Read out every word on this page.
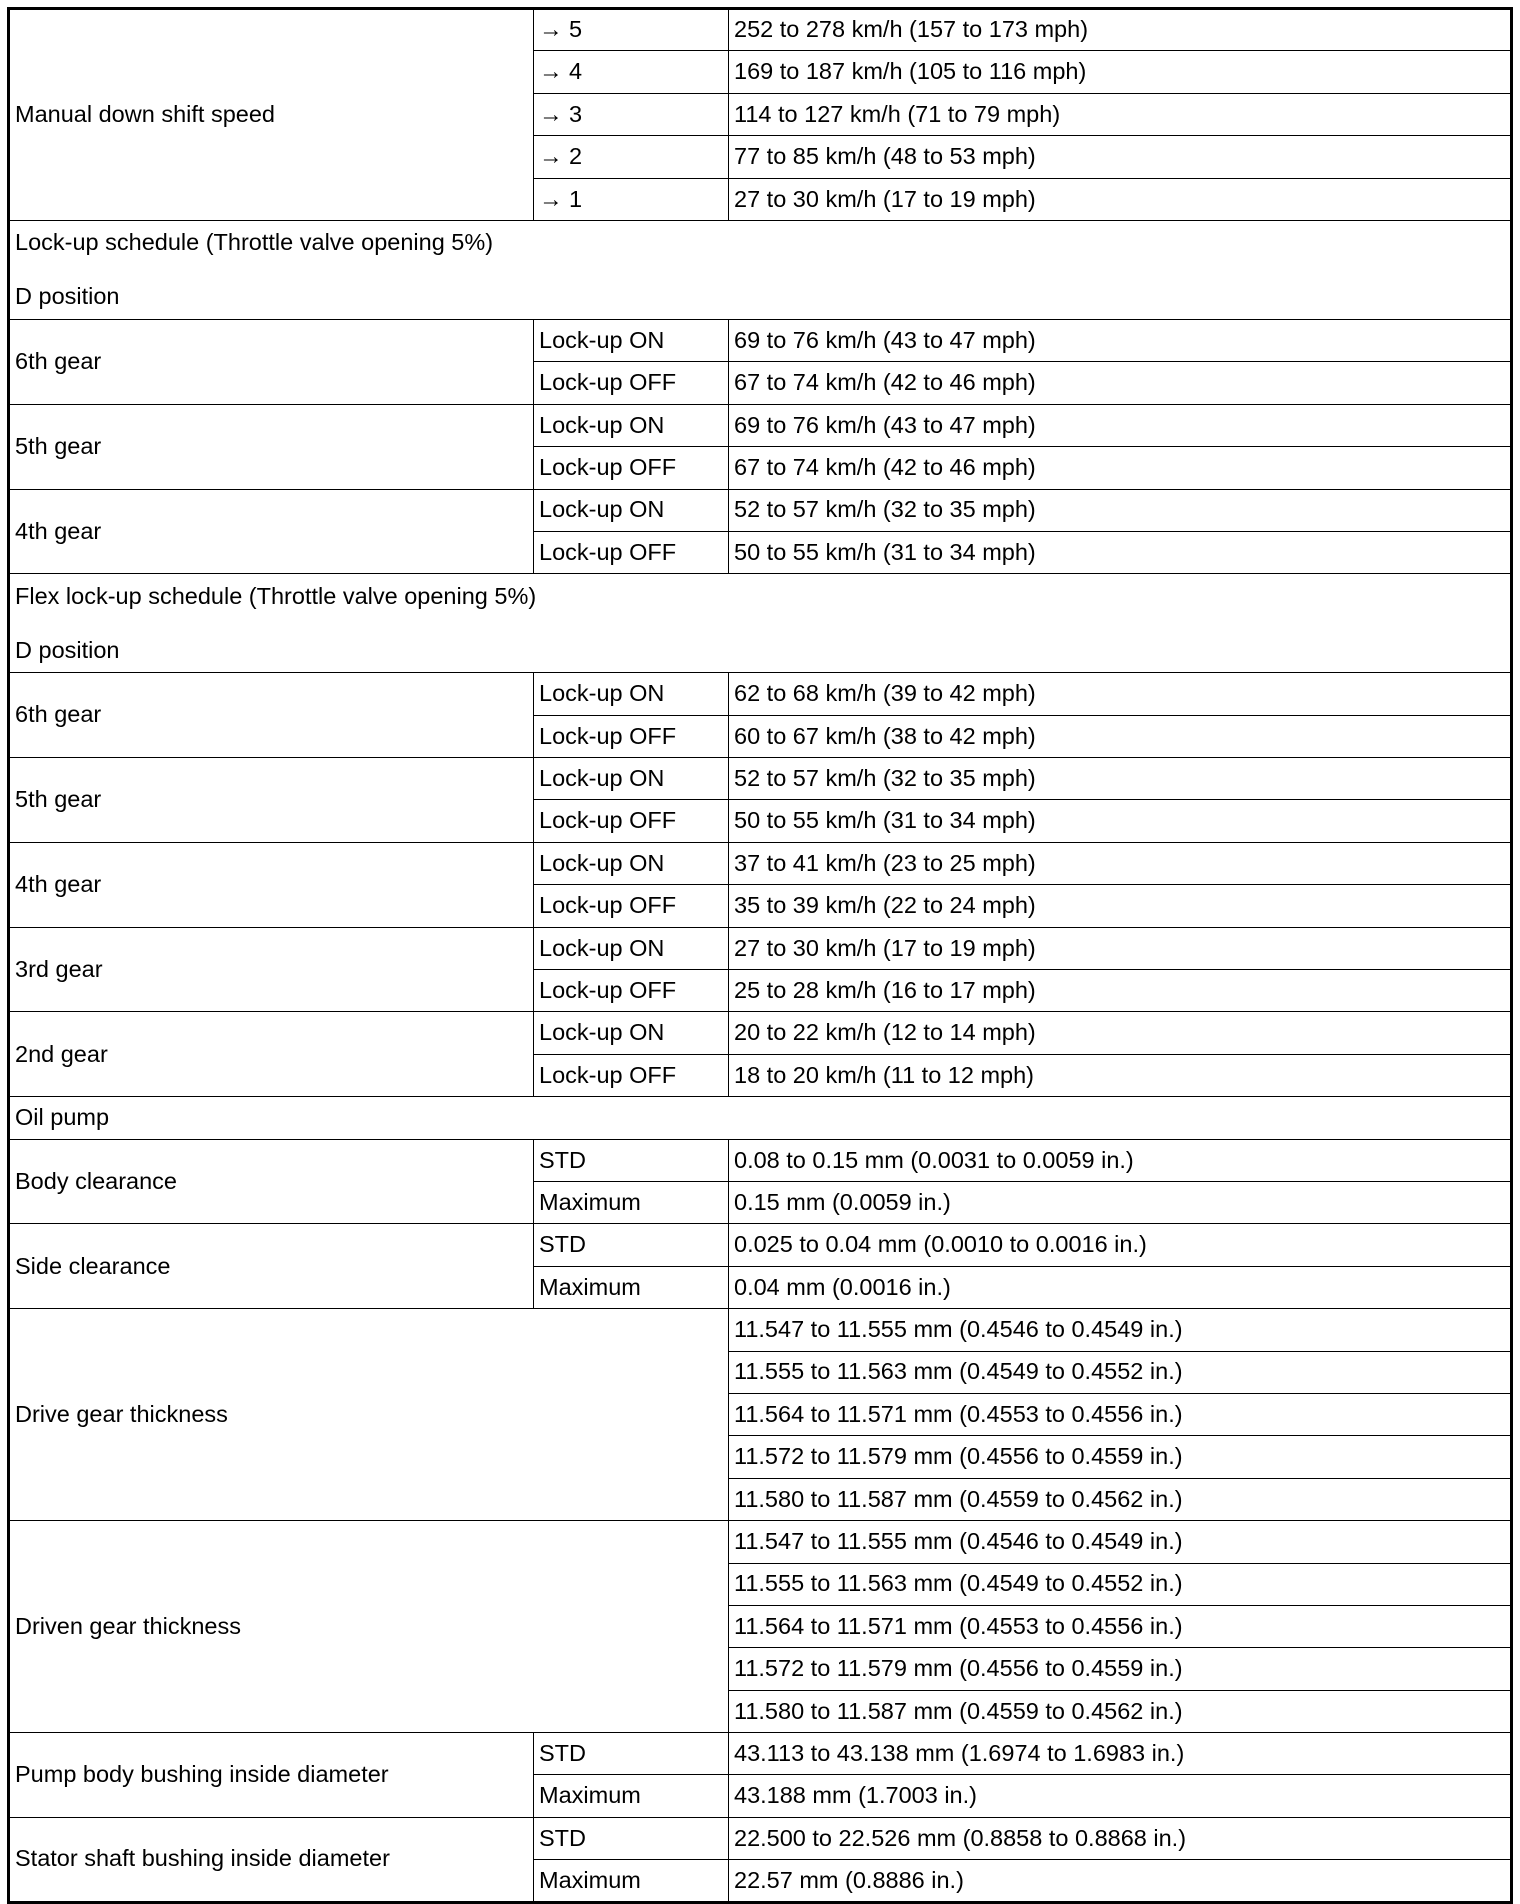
Manual down shift speed	→ 5	252 to 278 km/h (157 to 173 mph)
	→ 4	169 to 187 km/h (105 to 116 mph)
	→ 3	114 to 127 km/h (71 to 79 mph)
	→ 2	77 to 85 km/h (48 to 53 mph)
	→ 1	27 to 30 km/h (17 to 19 mph)
Lock-up schedule (Throttle valve opening 5%)		
D position		
6th gear	Lock-up ON	69 to 76 km/h (43 to 47 mph)
	Lock-up OFF	67 to 74 km/h (42 to 46 mph)
5th gear	Lock-up ON	69 to 76 km/h (43 to 47 mph)
	Lock-up OFF	67 to 74 km/h (42 to 46 mph)
4th gear	Lock-up ON	52 to 57 km/h (32 to 35 mph)
	Lock-up OFF	50 to 55 km/h (31 to 34 mph)
Flex lock-up schedule (Throttle valve opening 5%)		
D position		
6th gear	Lock-up ON	62 to 68 km/h (39 to 42 mph)
	Lock-up OFF	60 to 67 km/h (38 to 42 mph)
5th gear	Lock-up ON	52 to 57 km/h (32 to 35 mph)
	Lock-up OFF	50 to 55 km/h (31 to 34 mph)
4th gear	Lock-up ON	37 to 41 km/h (23 to 25 mph)
	Lock-up OFF	35 to 39 km/h (22 to 24 mph)
3rd gear	Lock-up ON	27 to 30 km/h (17 to 19 mph)
	Lock-up OFF	25 to 28 km/h (16 to 17 mph)
2nd gear	Lock-up ON	20 to 22 km/h (12 to 14 mph)
	Lock-up OFF	18 to 20 km/h (11 to 12 mph)
Oil pump		
Body clearance	STD	0.08 to 0.15 mm (0.0031 to 0.0059 in.)
	Maximum	0.15 mm (0.0059 in.)
Side clearance	STD	0.025 to 0.04 mm (0.0010 to 0.0016 in.)
	Maximum	0.04 mm (0.0016 in.)
Drive gear thickness		11.547 to 11.555 mm (0.4546 to 0.4549 in.)
		11.555 to 11.563 mm (0.4549 to 0.4552 in.)
		11.564 to 11.571 mm (0.4553 to 0.4556 in.)
		11.572 to 11.579 mm (0.4556 to 0.4559 in.)
		11.580 to 11.587 mm (0.4559 to 0.4562 in.)
Driven gear thickness		11.547 to 11.555 mm (0.4546 to 0.4549 in.)
		11.555 to 11.563 mm (0.4549 to 0.4552 in.)
		11.564 to 11.571 mm (0.4553 to 0.4556 in.)
		11.572 to 11.579 mm (0.4556 to 0.4559 in.)
		11.580 to 11.587 mm (0.4559 to 0.4562 in.)
Pump body bushing inside diameter	STD	43.113 to 43.138 mm (1.6974 to 1.6983 in.)
	Maximum	43.188 mm (1.7003 in.)
Stator shaft bushing inside diameter	STD	22.500 to 22.526 mm (0.8858 to 0.8868 in.)
	Maximum	22.57 mm (0.8886 in.)
